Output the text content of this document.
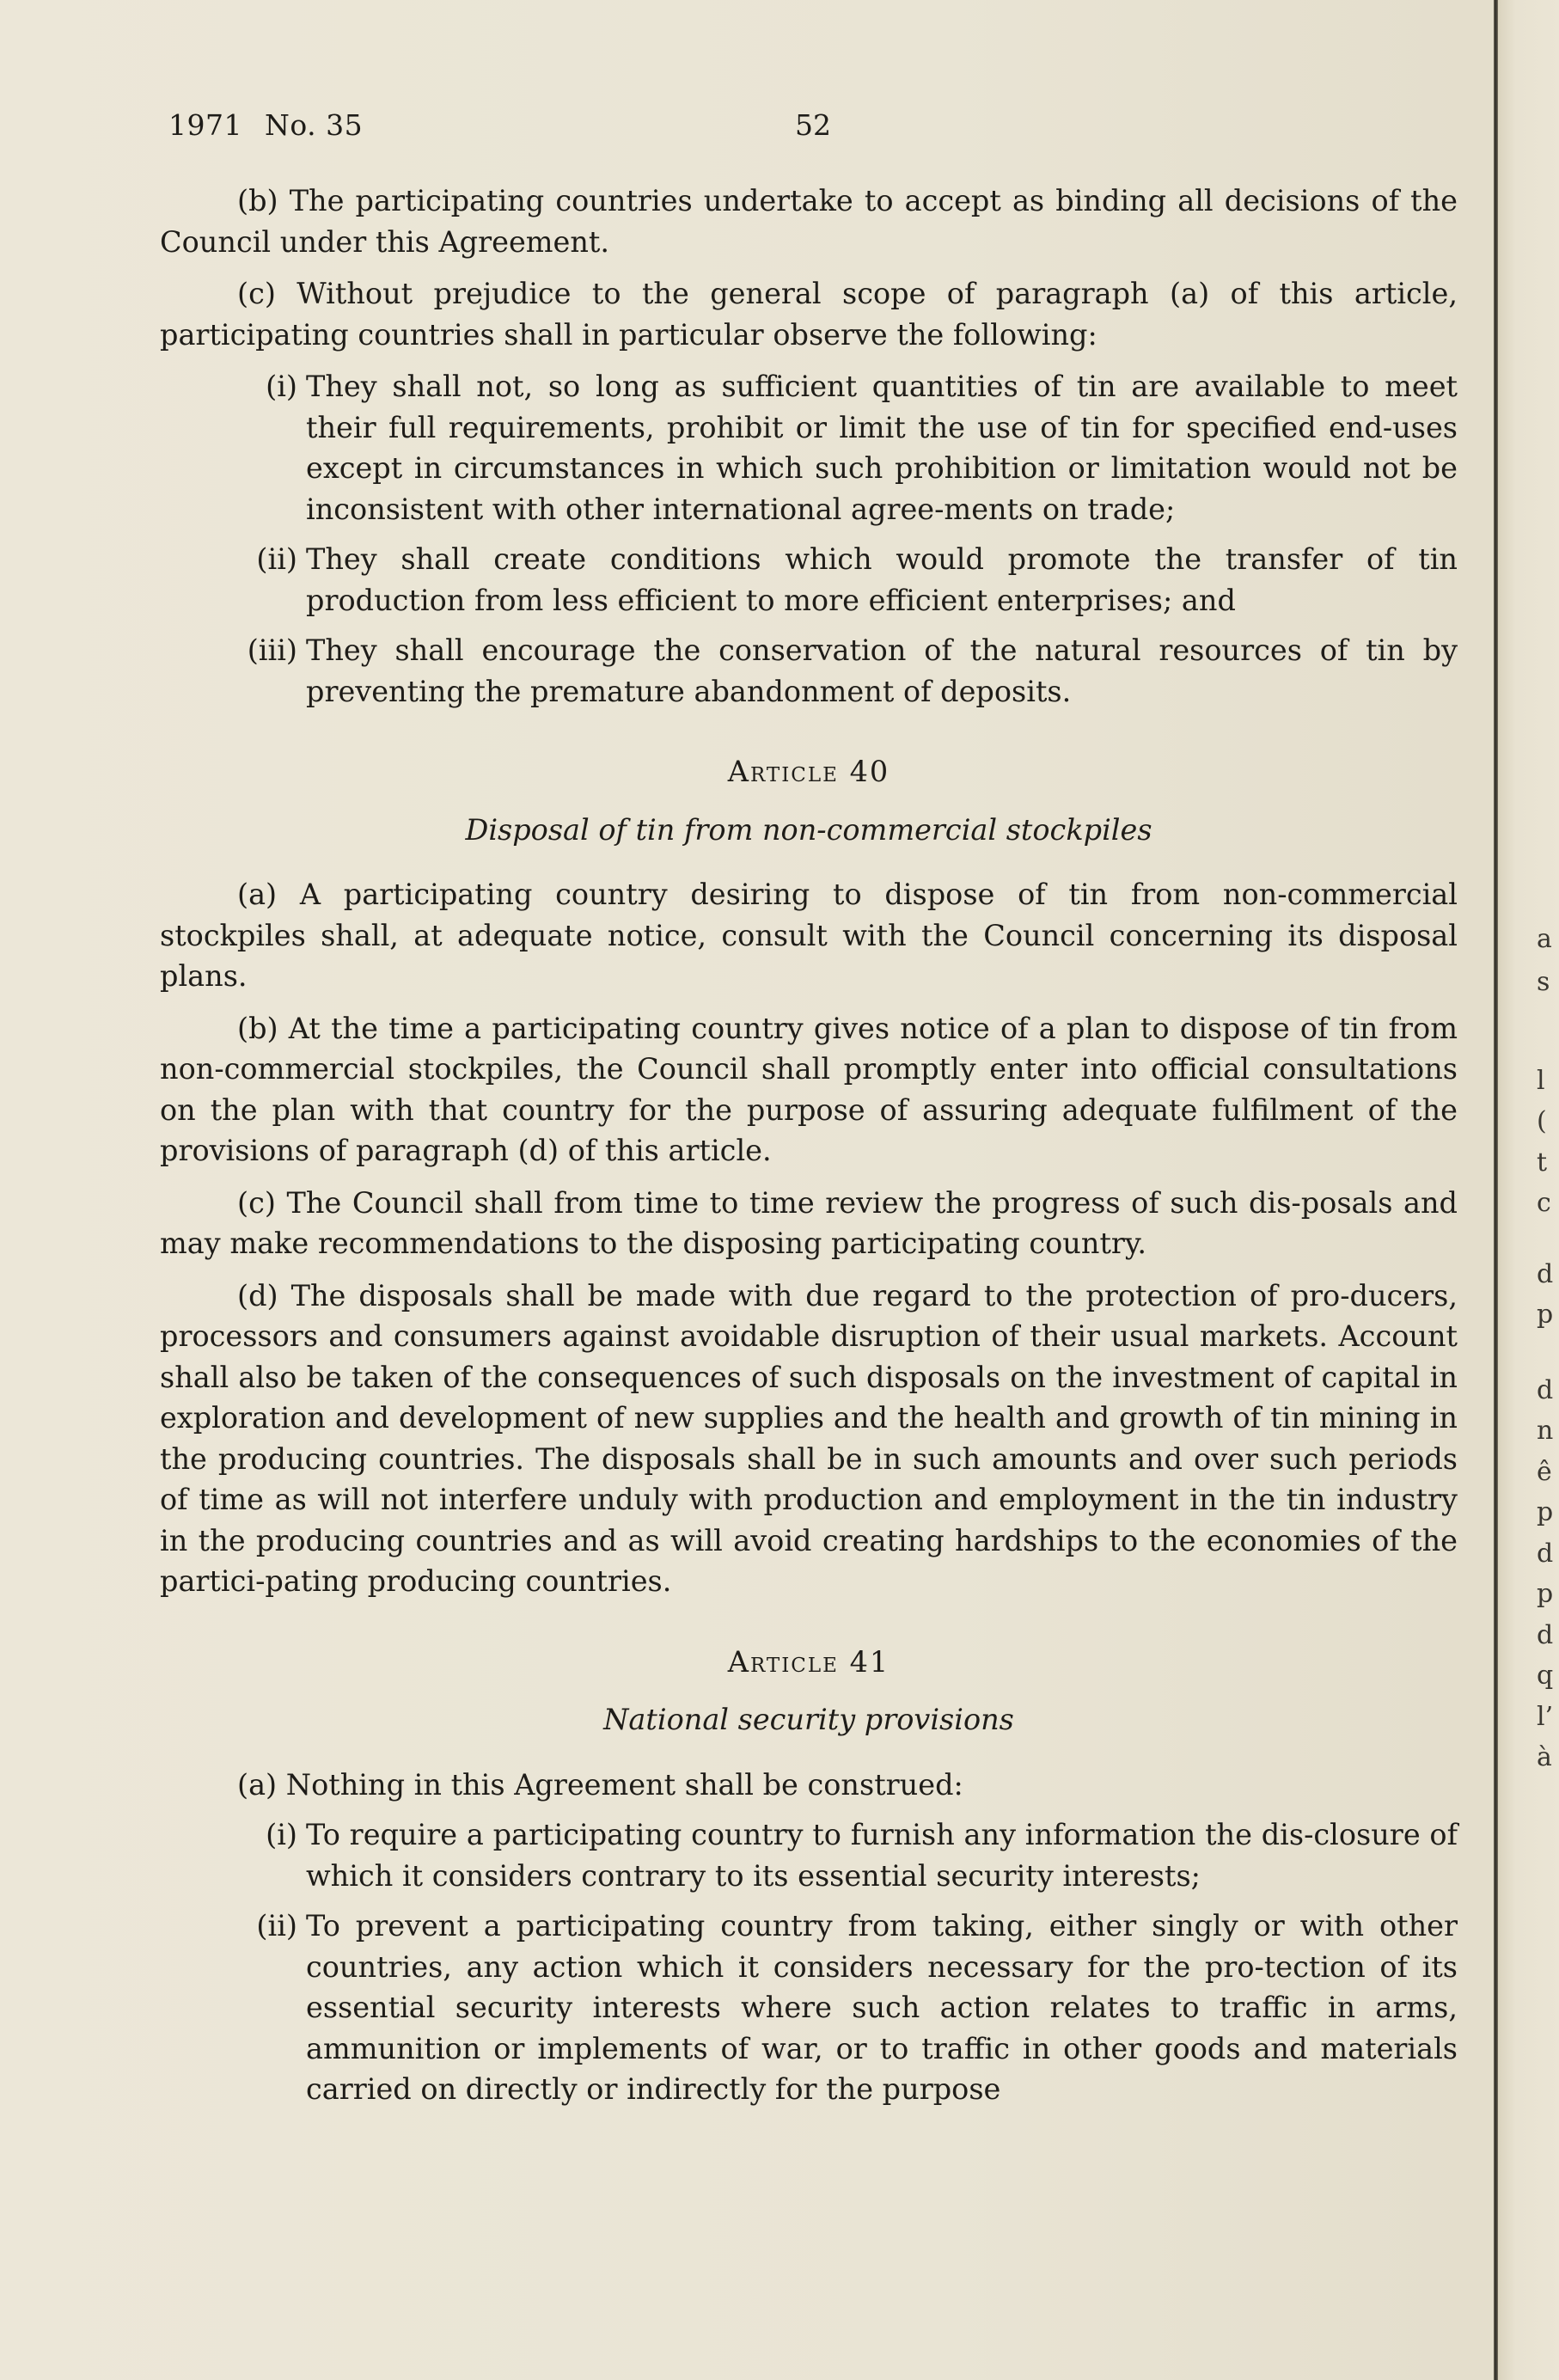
1971 No. 35	52

(b) The participating countries undertake to accept as binding all decisions of the Council under this Agreement.

(c) Without prejudice to the general scope of paragraph (a) of this article, participating countries shall in particular observe the following:

(i) They shall not, so long as sufficient quantities of tin are available to meet their full requirements, prohibit or limit the use of tin for specified end-uses except in circumstances in which such prohibition or limitation would not be inconsistent with other international agree-ments on trade;
(ii) They shall create conditions which would promote the transfer of tin production from less efficient to more efficient enterprises; and
(iii) They shall encourage the conservation of the natural resources of tin by preventing the premature abandonment of deposits.
Article 40
Disposal of tin from non-commercial stockpiles

(a) A participating country desiring to dispose of tin from non-commercial stockpiles shall, at adequate notice, consult with the Council concerning its disposal plans.

(b) At the time a participating country gives notice of a plan to dispose of tin from non-commercial stockpiles, the Council shall promptly enter into official consultations on the plan with that country for the purpose of assuring adequate fulfilment of the provisions of paragraph (d) of this article.

(c) The Council shall from time to time review the progress of such dis-posals and may make recommendations to the disposing participating country.

(d) The disposals shall be made with due regard to the protection of pro-ducers, processors and consumers against avoidable disruption of their usual markets. Account shall also be taken of the consequences of such disposals on the investment of capital in exploration and development of new supplies and the health and growth of tin mining in the producing countries. The disposals shall be in such amounts and over such periods of time as will not interfere unduly with production and employment in the tin industry in the producing countries and as will avoid creating hardships to the economies of the partici-pating producing countries.

Article 41
National security provisions

(a) Nothing in this Agreement shall be construed:

(i) To require a participating country to furnish any information the dis-closure of which it considers contrary to its essential security interests;
(ii) To prevent a participating country from taking, either singly or with other countries, any action which it considers necessary for the pro-tection of its essential security interests where such action relates to traffic in arms, ammunition or implements of war, or to traffic in other goods and materials carried on directly or indirectly for the purpose
a
s
l
(
t
c
d
p
d
n
ê
p
d
p
d
q
l’
à
